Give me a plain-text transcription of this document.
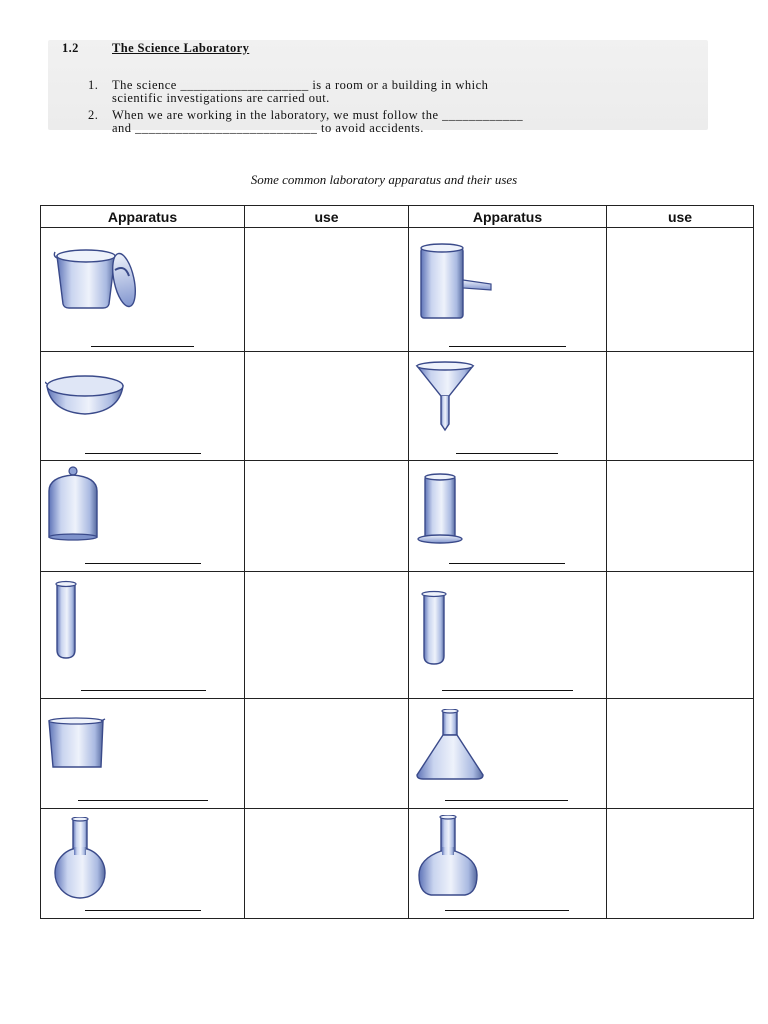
1.2	The Science Laboratory
1. The science ___________________ is a room or a building in which
scientific investigations are carried out.
2. When we are working in the laboratory, we must follow the ____________
and ___________________________ to avoid accidents.
Some common laboratory apparatus and their uses
Apparatus	use	Apparatus	use
